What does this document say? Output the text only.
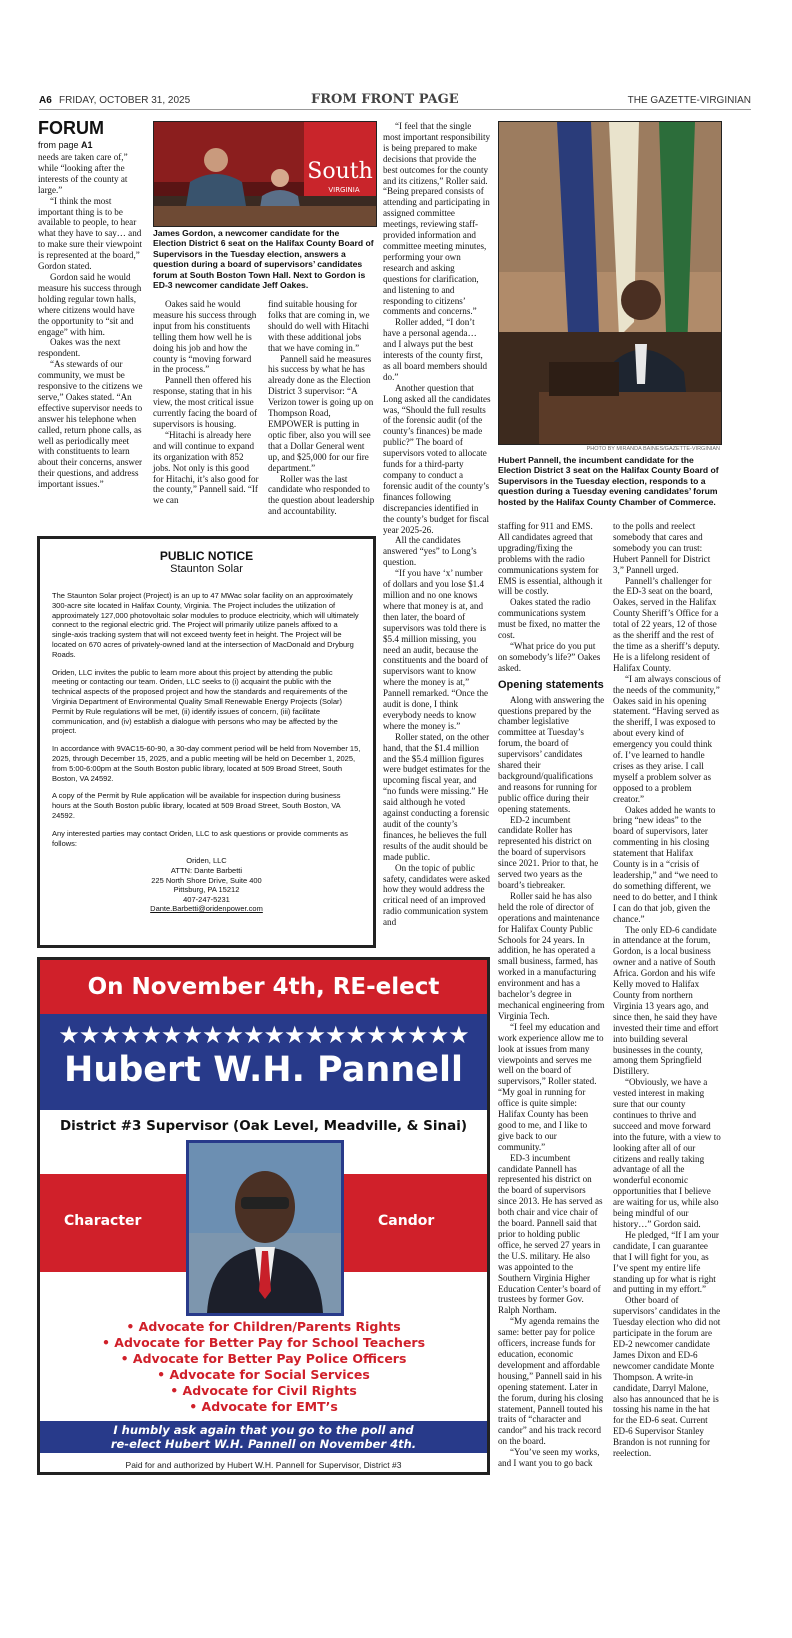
A6 FRIDAY, OCTOBER 31, 2025	FROM FRONT PAGE	THE GAZETTE-VIRGINIAN
FORUM
from page A1

needs are taken care of,” while “looking after the interests of the county at large.”

“I think the most important thing is to be available to people, to hear what they have to say… and to make sure their viewpoint is represented at the board,” Gordon stated.

Gordon said he would measure his success through holding regular town halls, where citizens would have the opportunity to “sit and engage” with him.

Oakes was the next respondent.

“As stewards of our community, we must be responsive to the citizens we serve,” Oakes stated. “An effective supervisor needs to answer his telephone when called, return phone calls, as well as periodically meet with constituents to learn about their concerns, answer their questions, and address important issues.”

South
VIRGINIA
James Gordon, a newcomer candidate for the Election District 6 seat on the Halifax County Board of Supervisors in the Tuesday election, answers a question during a board of supervisors’ candidates forum at South Boston Town Hall. Next to Gordon is ED-3 newcomer candidate Jeff Oakes.

Oakes said he would measure his success through input from his constituents telling them how well he is doing his job and how the county is “moving forward in the process.”

Pannell then offered his response, stating that in his view, the most critical issue currently facing the board of supervisors is housing.

“Hitachi is already here and will continue to expand its organization with 852 jobs. Not only is this good for Hitachi, it’s also good for the county,” Pannell said. “If we can

find suitable housing for folks that are coming in, we should do well with Hitachi with these additional jobs that we have coming in.”

Pannell said he measures his success by what he has already done as the Election District 3 supervisor: “A Verizon tower is going up on Thompson Road, EMPOWER is putting in optic fiber, also you will see that a Dollar General went up, and $25,000 for our fire department.”

Roller was the last candidate who responded to the question about leadership and accountability.

“I feel that the single most important responsibility is being prepared to make decisions that provide the best outcomes for the county and its citizens,” Roller said. “Being prepared consists of attending and participating in assigned committee meetings, reviewing staff-provided information and committee meeting minutes, performing your own research and asking questions for clarification, and listening to and responding to citizens’ comments and concerns.”

Roller added, “I don’t have a personal agenda… and I always put the best interests of the county first, as all board members should do.”

Another question that Long asked all the candidates was, “Should the full results of the forensic audit (of the county’s finances) be made public?” The board of supervisors voted to allocate funds for a third-party company to conduct a forensic audit of the county’s finances following discrepancies identified in the county’s budget for fiscal year 2025-26.

All the candidates answered “yes” to Long’s question.

“If you have ‘x’ number of dollars and you lose $1.4 million and no one knows where that money is at, and then later, the board of supervisors was told there is $5.4 million missing, you need an audit, because the constituents and the board of supervisors want to know where the money is at,” Pannell remarked. “Once the audit is done, I think everybody needs to know where the money is.”

Roller stated, on the other hand, that the $1.4 million and the $5.4 million figures were budget estimates for the upcoming fiscal year, and “no funds were missing.” He said although he voted against conducting a forensic audit of the county’s finances, he believes the full results of the audit should be made public.

On the topic of public safety, candidates were asked how they would address the critical need of an improved radio communication system and

PHOTO BY MIRANDA BAINES/GAZETTE-VIRGINIAN
Hubert Pannell, the incumbent candidate for the Election District 3 seat on the Halifax County Board of Supervisors in the Tuesday election, responds to a question during a Tuesday evening candidates’ forum hosted by the Halifax County Chamber of Commerce.
PUBLIC NOTICE
Staunton Solar

The Staunton Solar project (Project) is an up to 47 MWac solar facility on an approximately 300-acre site located in Halifax County, Virginia. The Project includes the utilization of approximately 127,000 photovoltaic solar modules to produce electricity, which will ultimately connect to the regional electric grid. The Project will primarily utilize panels affixed to a single-axis tracking system that will not exceed twenty feet in height. The Project will be located on 670 acres of privately-owned land at the intersection of MacDonald and Dryburg Roads.

Oriden, LLC invites the public to learn more about this project by attending the public meeting or contacting our team. Oriden, LLC seeks to (i) acquaint the public with the technical aspects of the proposed project and how the standards and requirements of the Virginia Department of Environmental Quality Small Renewable Energy Projects (Solar) Permit by Rule regulations will be met, (ii) identify issues of concern, (iii) facilitate communication, and (iv) establish a dialogue with persons who may be affected by the project.

In accordance with 9VAC15-60-90, a 30-day comment period will be held from November 15, 2025, through December 15, 2025, and a public meeting will be held on December 1, 2025, from 5:00-6:00pm at the South Boston public library, located at 509 Broad Street, South Boston, VA 24592.

A copy of the Permit by Rule application will be available for inspection during business hours at the South Boston public library, located at 509 Broad Street, South Boston, VA 24592.

Any interested parties may contact Oriden, LLC to ask questions or provide comments as follows:

Oriden, LLC
ATTN: Dante Barbetti
225 North Shore Drive, Suite 400
Pittsburg, PA 15212
407-247-5231
Dante.Barbetti@oridenpower.com

staffing for 911 and EMS. All candidates agreed that upgrading/fixing the problems with the radio communications system for EMS is essential, although it will be costly.

Oakes stated the radio communications system must be fixed, no matter the cost.

“What price do you put on somebody’s life?” Oakes asked.

Opening statements

Along with answering the questions prepared by the chamber legislative committee at Tuesday’s forum, the board of supervisors’ candidates shared their background/qualifications and reasons for running for public office during their opening statements.

ED-2 incumbent candidate Roller has represented his district on the board of supervisors since 2021. Prior to that, he served two years as the board’s tiebreaker.

Roller said he has also held the role of director of operations and maintenance for Halifax County Public Schools for 24 years. In addition, he has operated a small business, farmed, has worked in a manufacturing environment and has a bachelor’s degree in mechanical engineering from Virginia Tech.

“I feel my education and work experience allow me to look at issues from many viewpoints and serves me well on the board of supervisors,” Roller stated. “My goal in running for office is quite simple: Halifax County has been good to me, and I like to give back to our community.”

ED-3 incumbent candidate Pannell has represented his district on the board of supervisors since 2013. He has served as both chair and vice chair of the board. Pannell said that prior to holding public office, he served 27 years in the U.S. military. He also was appointed to the Southern Virginia Higher Education Center’s board of trustees by former Gov. Ralph Northam.

“My agenda remains the same: better pay for police officers, increase funds for education, economic development and affordable housing,” Pannell said in his opening statement. Later in the forum, during his closing statement, Pannell touted his traits of “character and candor” and his track record on the board.

“You’ve seen my works, and I want you to go back

to the polls and reelect somebody that cares and somebody you can trust: Hubert Pannell for District 3,” Pannell urged.

Pannell’s challenger for the ED-3 seat on the board, Oakes, served in the Halifax County Sheriff’s Office for a total of 22 years, 12 of those as the sheriff and the rest of the time as a sheriff’s deputy. He is a lifelong resident of Halifax County.

“I am always conscious of the needs of the community,” Oakes said in his opening statement. “Having served as the sheriff, I was exposed to about every kind of emergency you could think of. I’ve learned to handle crises as they arise. I call myself a problem solver as opposed to a problem creator.”

Oakes added he wants to bring “new ideas” to the board of supervisors, later commenting in his closing statement that Halifax County is in a “crisis of leadership,” and “we need to do something different, we need to do better, and I think I can do that job, given the chance.”

The only ED-6 candidate in attendance at the forum, Gordon, is a local business owner and a native of South Africa. Gordon and his wife Kelly moved to Halifax County from northern Virginia 13 years ago, and since then, he said they have invested their time and effort into building several businesses in the county, among them Springfield Distillery.

“Obviously, we have a vested interest in making sure that our county continues to thrive and succeed and move forward into the future, with a view to looking after all of our citizens and really taking advantage of all the wonderful economic opportunities that I believe are waiting for us, while also being mindful of our history…” Gordon said.

He pledged, “If I am your candidate, I can guarantee that I will fight for you, as I’ve spent my entire life standing up for what is right and putting in my effort.”

Other board of supervisors’ candidates in the Tuesday election who did not participate in the forum are ED-2 newcomer candidate James Dixon and ED-6 newcomer candidate Monte Thompson. A write-in candidate, Darryl Malone, also has announced that he is tossing his name in the hat for the ED-6 seat. Current ED-6 Supervisor Stanley Brandon is not running for reelection.

On November 4th, RE-elect
★★★★★★★★★★★★★★★★★★★★
Hubert W.H. Pannell
District #3 Supervisor (Oak Level, Meadville, & Sinai)
Character	Candor
• Advocate for Children/Parents Rights
• Advocate for Better Pay for School Teachers
• Advocate for Better Pay Police Officers
• Advocate for Social Services
• Advocate for Civil Rights
• Advocate for EMT’s
I humbly ask again that you go to the poll and
re-elect Hubert W.H. Pannell on November 4th.
Paid for and authorized by Hubert W.H. Pannell for Supervisor, District #3
